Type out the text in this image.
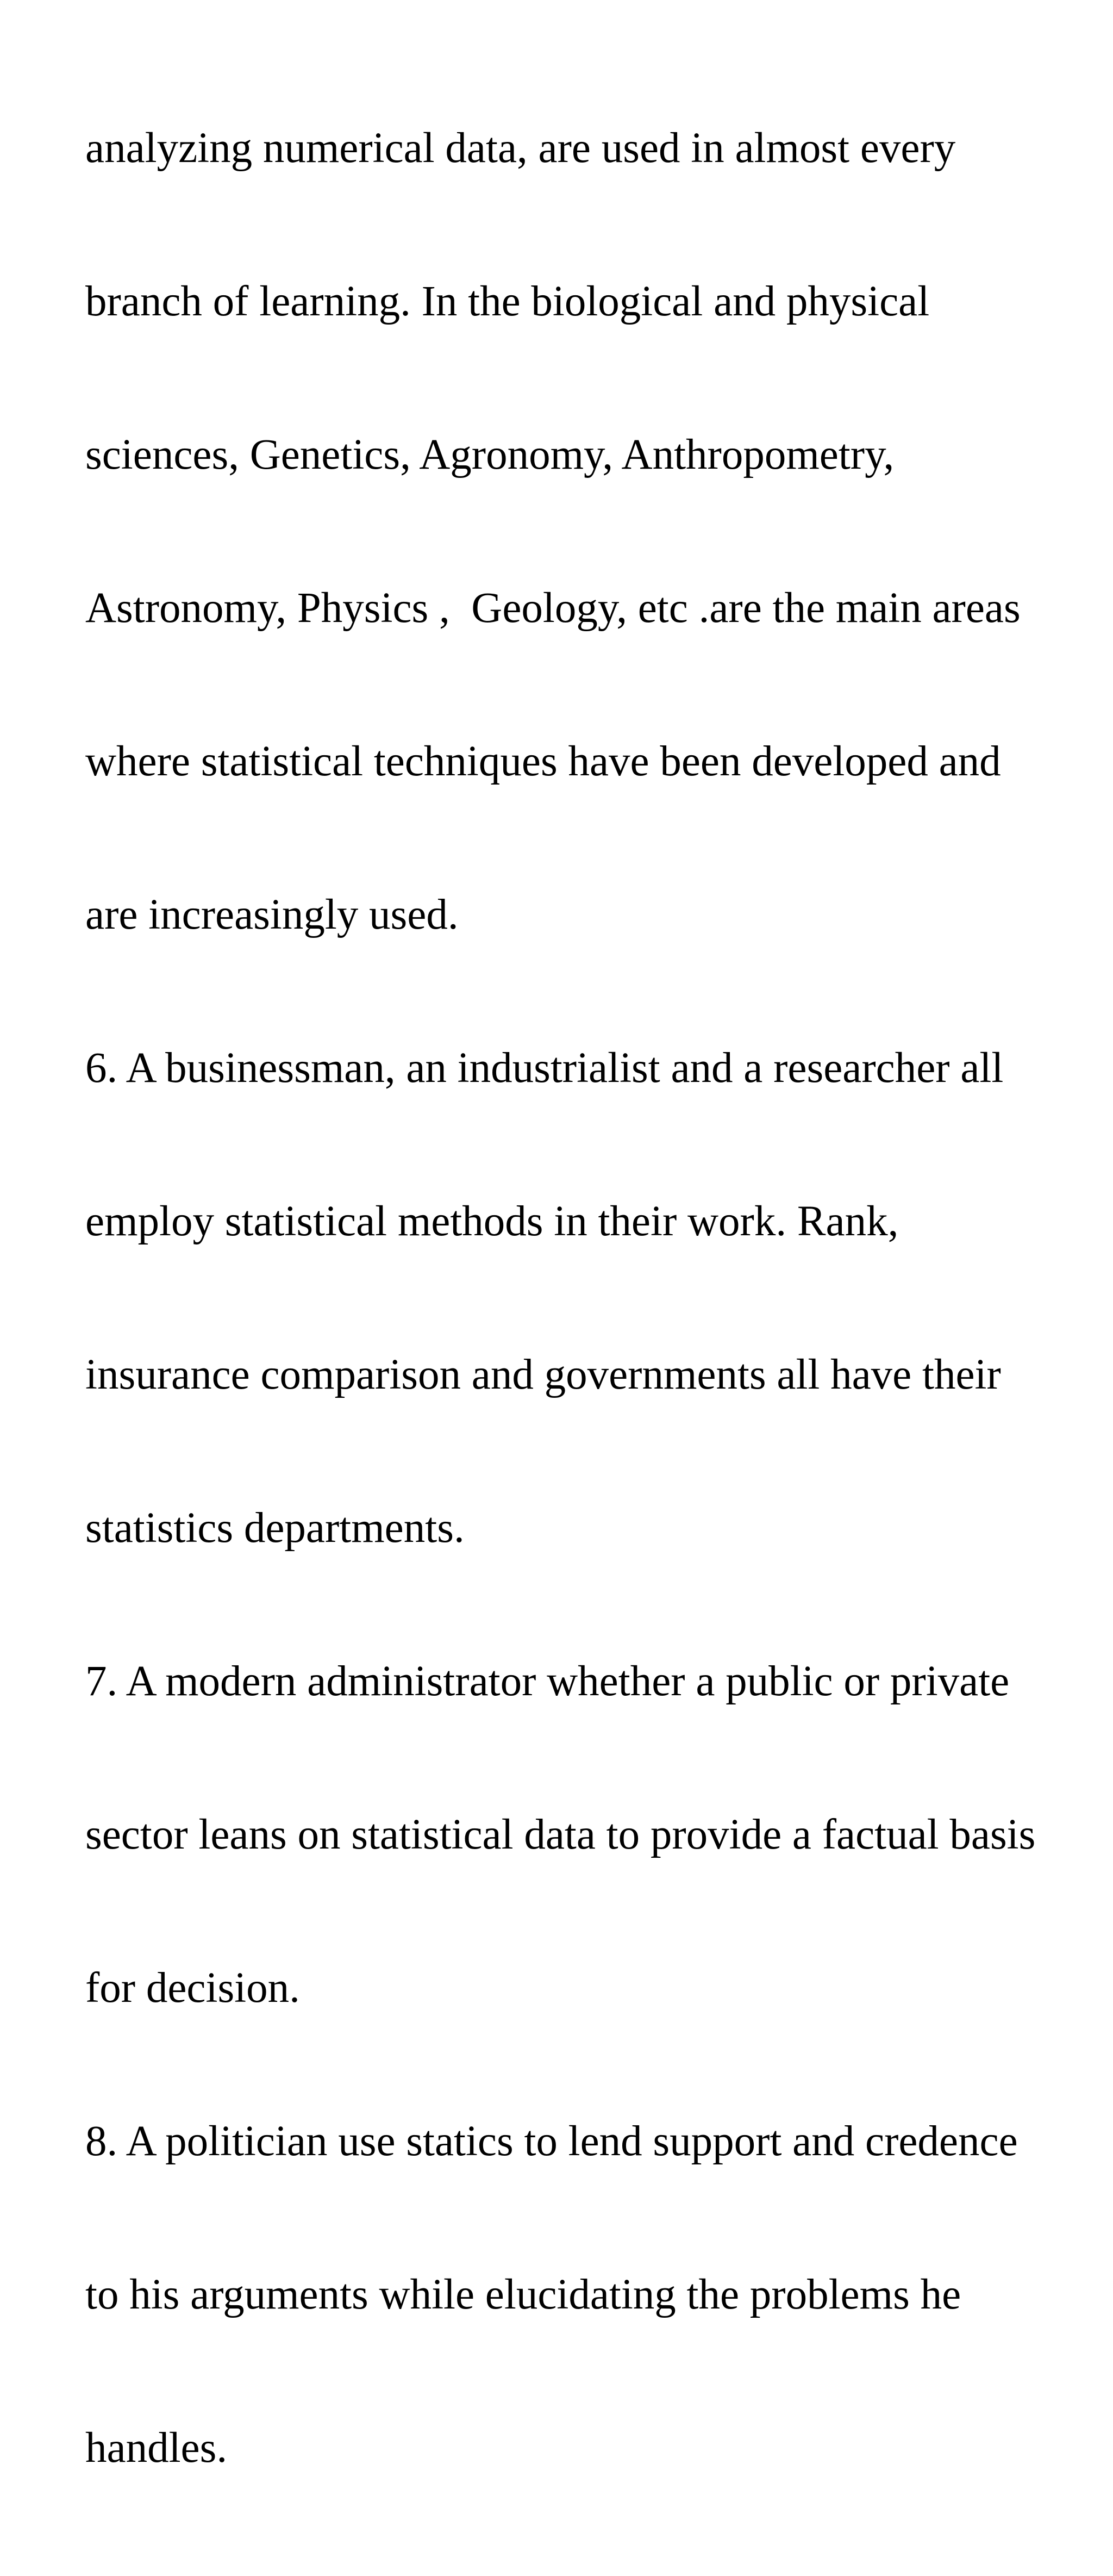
analyzing numerical data, are used in almost every

branch of learning. In the biological and physical

sciences, Genetics, Agronomy, Anthropometry,

Astronomy, Physics ,  Geology, etc .are the main areas

where statistical techniques have been developed and

are increasingly used.

6. A businessman, an industrialist and a researcher all

employ statistical methods in their work. Rank,

insurance comparison and governments all have their

statistics departments.

7. A modern administrator whether a public or private

sector leans on statistical data to provide a factual basis

for decision.

8. A politician use statics to lend support and credence

to his arguments while elucidating the problems he

handles.
